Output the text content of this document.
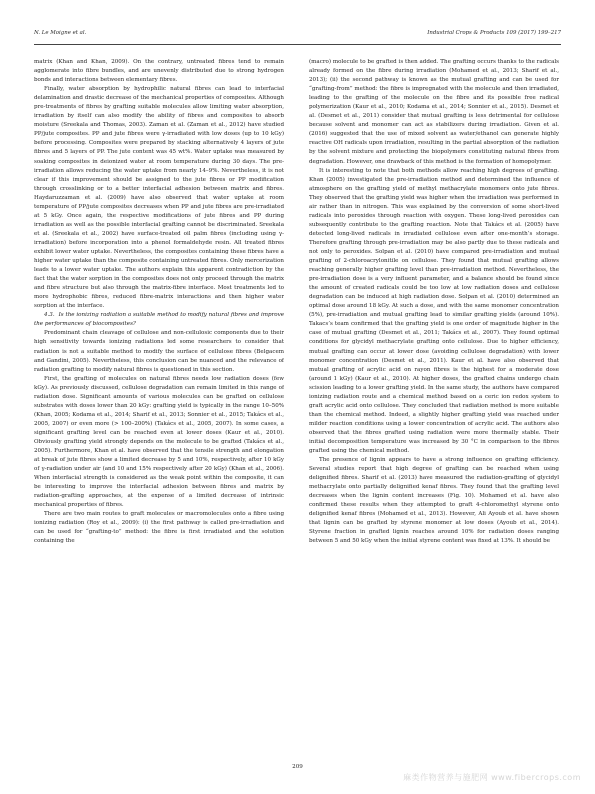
N. Le Moigne et al.	Industrial Crops & Products 109 (2017) 199–217

matrix (Khan and Khan, 2009). On the contrary, untreated fibres tend to remain agglomerate into fibre bundles, and are unevenly distributed due to strong hydrogen bonds and interactions between elementary fibres.

Finally, water absorption by hydrophilic natural fibres can lead to interfacial delamination and drastic decrease of the mechanical properties of composites. Although pre-treatments of fibres by grafting suitable molecules allow limiting water absorption, irradiation by itself can also modify the ability of fibres and composites to absorb moisture (Sreekala and Thomas, 2003). Zaman et al. (Zaman et al., 2012) have studied PP/jute composites. PP and jute fibres were γ-irradiated with low doses (up to 10 kGy) before processing. Composites were prepared by stacking alternatively 4 layers of jute fibres and 5 layers of PP. The jute content was 45 wt%. Water uptake was measured by soaking composites in deionized water at room temperature during 30 days. The pre-irradiation allows reducing the water uptake from nearly 14–9%. Nevertheless, it is not clear if this improvement should be assigned to the jute fibres or PP modification through crosslinking or to a better interfacial adhesion between matrix and fibres. Haydaruzzaman et al. (2009) have also observed that water uptake at room temperature of PP/jute composites decreases when PP and jute fibres are pre-irradiated at 5 kGy. Once again, the respective modifications of jute fibres and PP during irradiation as well as the possible interfacial grafting cannot be discriminated. Sreekala et al. (Sreekala et al., 2002) have surface-treated oil palm fibres (including using γ-irradiation) before incorporation into a phenol formaldehyde resin. All treated fibres exhibit lower water uptake. Nevertheless, the composites containing these fibres have a higher water uptake than the composite containing untreated fibres. Only mercerization leads to a lower water uptake. The authors explain this apparent contradiction by the fact that the water sorption in the composites does not only proceed through the matrix and fibre structure but also through the matrix-fibre interface. Most treatments led to more hydrophobic fibres, reduced fibre-matrix interactions and then higher water sorption at the interface.

4.3. Is the ionizing radiation a suitable method to modify natural fibres and improve the performances of biocomposites?

Predominant chain cleavage of cellulose and non-cellulosic components due to their high sensitivity towards ionizing radiations led some researchers to consider that radiation is not a suitable method to modify the surface of cellulose fibres (Belgacem and Gandini, 2005). Nevertheless, this conclusion can be nuanced and the relevance of radiation grafting to modify natural fibres is questioned in this section.

First, the grafting of molecules on natural fibres needs low radiation doses (few kGy). As previously discussed, cellulose degradation can remain limited in this range of radiation dose. Significant amounts of various molecules can be grafted on cellulose substrates with doses lower than 20 kGy: grafting yield is typically in the range 10–50% (Khan, 2005; Kodama et al., 2014; Sharif et al., 2013; Sonnier et al., 2015; Takács et al., 2005, 2007) or even more (> 100–200%) (Takács et al., 2005, 2007). In some cases, a significant grafting level can be reached even at lower doses (Kaur et al., 2010). Obviously grafting yield strongly depends on the molecule to be grafted (Takács et al., 2005). Furthermore, Khan et al. have observed that the tensile strength and elongation at break of jute fibres show a limited decrease by 5 and 10%, respectively, after 10 kGy of γ-radiation under air (and 10 and 15% respectively after 20 kGy) (Khan et al., 2006). When interfacial strength is considered as the weak point within the composite, it can be interesting to improve the interfacial adhesion between fibres and matrix by radiation-grafting approaches, at the expense of a limited decrease of intrinsic mechanical properties of fibres.

There are two main routes to graft molecules or macromolecules onto a fibre using ionizing radiation (Roy et al., 2009): (i) the first pathway is called pre-irradiation and can be used for “grafting-to” method: the fibre is first irradiated and the solution containing the

(macro) molecule to be grafted is then added. The grafting occurs thanks to the radicals already formed on the fibre during irradiation (Mohamed et al., 2013; Sharif et al., 2013); (ii) the second pathway is known as the mutual grafting and can be used for “grafting-from” method: the fibre is impregnated with the molecule and then irradiated, leading to the grafting of the molecule on the fibre and its possible free radical polymerization (Kaur et al., 2010; Kodama et al., 2014; Sonnier et al., 2015). Desmet et al. (Desmet et al., 2011) consider that mutual grafting is less detrimental for cellulose because solvent and monomer can act as stabilizers during irradiation. Given et al. (2016) suggested that the use of mixed solvent as water/ethanol can generate highly reactive OH radicals upon irradiation, resulting in the partial absorption of the radiation by the solvent mixture and protecting the biopolymers constituting natural fibres from degradation. However, one drawback of this method is the formation of homopolymer.

It is interesting to note that both methods allow reaching high degrees of grafting. Khan (2005) investigated the pre-irradiation method and determined the influence of atmosphere on the grafting yield of methyl methacrylate monomers onto jute fibres. They observed that the grafting yield was higher when the irradiation was performed in air rather than in nitrogen. This was explained by the conversion of some short-lived radicals into peroxides through reaction with oxygen. These long-lived peroxides can subsequently contribute to the grafting reaction. Note that Takács et al. (2005) have detected long-lived radicals in irradiated cellulose even after one-month’s storage. Therefore grafting through pre-irradiation may be also partly due to these radicals and not only to peroxides. Solpan et al. (2010) have compared pre-irradiation and mutual grafting of 2-chloroacrylonitile on cellulose. They found that mutual grafting allows reaching generally higher grafting level than pre-irradiation method. Nevertheless, the pre-irradiation dose is a very influent parameter, and a balance should be found since the amount of created radicals could be too low at low radiation doses and cellulose degradation can be induced at high radiation dose. Solpan et al. (2010) determined an optimal dose around 18 kGy. At such a dose, and with the same monomer concentration (5%), pre-irradiation and mutual grafting lead to similar grafting yields (around 10%). Takacs’s team confirmed that the grafting yield is one order of magnitude higher in the case of mutual grafting (Desmet et al., 2011; Takács et al., 2007). They found optimal conditions for glycidyl methacrylate grafting onto cellulose. Due to higher efficiency, mutual grafting can occur at lower dose (avoiding cellulose degradation) with lower monomer concentration (Desmet et al., 2011). Kaur et al. have also observed that mutual grafting of acrylic acid on rayon fibres is the highest for a moderate dose (around 1 kGy) (Kaur et al., 2010). At higher doses, the grafted chains undergo chain scission leading to a lower grafting yield. In the same study, the authors have compared ionizing radiation route and a chemical method based on a ceric ion redox system to graft acrylic acid onto cellulose. They concluded that radiation method is more suitable than the chemical method. Indeed, a slightly higher grafting yield was reached under milder reaction conditions using a lower concentration of acrylic acid. The authors also observed that the fibres grafted using radiation were more thermally stable. Their initial decomposition temperature was increased by 30 °C in comparison to the fibres grafted using the chemical method.

The presence of lignin appears to have a strong influence on grafting efficiency. Several studies report that high degree of grafting can be reached when using delignified fibres. Sharif et al. (2013) have measured the radiation-grafting of glycidyl methacrylate onto partially delignified kenaf fibres. They found that the grafting level decreases when the lignin content increases (Fig. 10). Mohamed et al. have also confirmed these results when they attempted to graft 4-chloromethyl styrene onto delignified kenaf fibres (Mohamed et al., 2013). However, Ali Ayoub et al. have shown that lignin can be grafted by styrene monomer at low doses (Ayoub et al., 2014). Styrene fraction in grafted lignin reaches around 10% for radiation doses ranging between 5 and 50 kGy when the initial styrene content was fixed at 13%. It should be

209
麻类作物营养与施肥网 www.fibercrops.com
